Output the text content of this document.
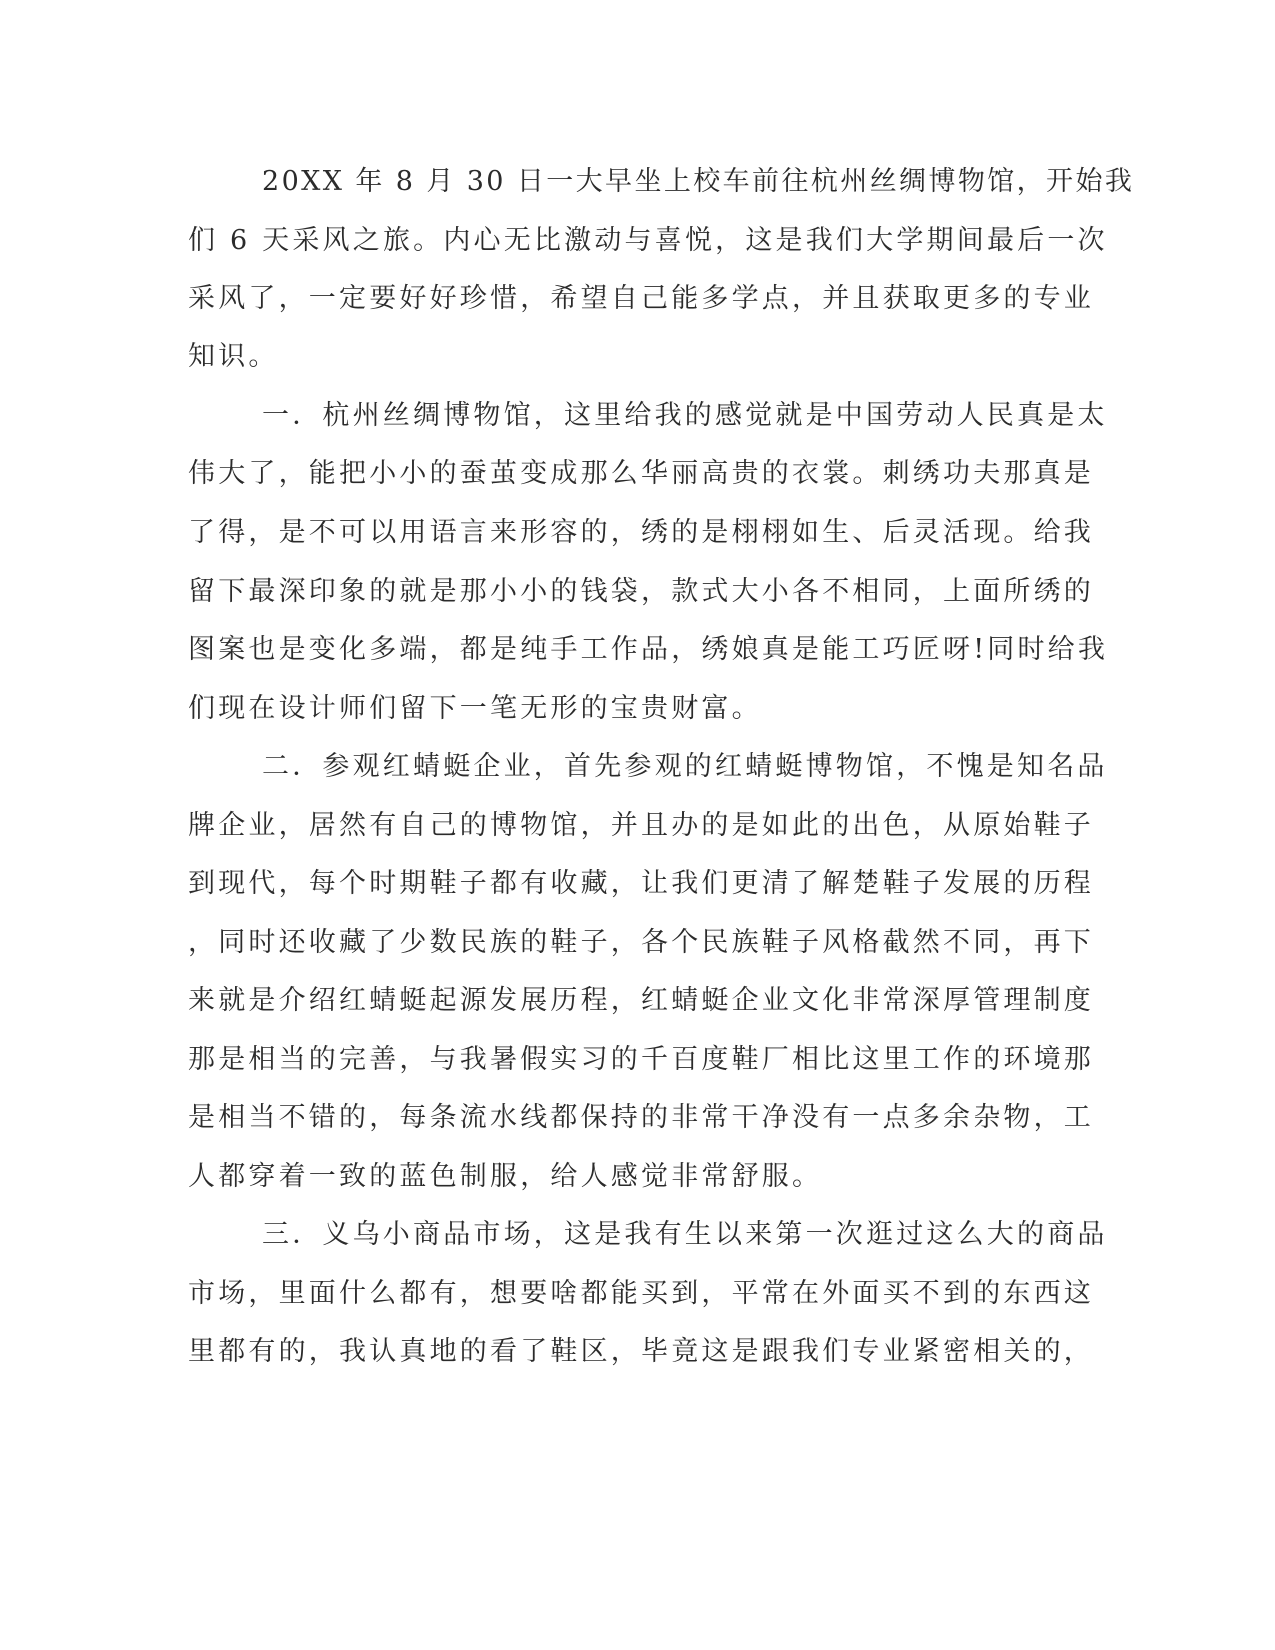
20XX 年 8 月 30 日一大早坐上校车前往杭州丝绸博物馆，开始我
们 6 天采风之旅。内心无比激动与喜悦，这是我们大学期间最后一次
采风了，一定要好好珍惜，希望自己能多学点，并且获取更多的专业
知识。
一．杭州丝绸博物馆，这里给我的感觉就是中国劳动人民真是太
伟大了，能把小小的蚕茧变成那么华丽高贵的衣裳。刺绣功夫那真是
了得，是不可以用语言来形容的，绣的是栩栩如生、后灵活现。给我
留下最深印象的就是那小小的钱袋，款式大小各不相同，上面所绣的
图案也是变化多端，都是纯手工作品，绣娘真是能工巧匠呀!同时给我
们现在设计师们留下一笔无形的宝贵财富。
二．参观红蜻蜓企业，首先参观的红蜻蜓博物馆，不愧是知名品
牌企业，居然有自己的博物馆，并且办的是如此的出色，从原始鞋子
到现代，每个时期鞋子都有收藏，让我们更清了解楚鞋子发展的历程
，同时还收藏了少数民族的鞋子，各个民族鞋子风格截然不同，再下
来就是介绍红蜻蜓起源发展历程，红蜻蜓企业文化非常深厚管理制度
那是相当的完善，与我暑假实习的千百度鞋厂相比这里工作的环境那
是相当不错的，每条流水线都保持的非常干净没有一点多余杂物，工
人都穿着一致的蓝色制服，给人感觉非常舒服。
三．义乌小商品市场，这是我有生以来第一次逛过这么大的商品
市场，里面什么都有，想要啥都能买到，平常在外面买不到的东西这
里都有的，我认真地的看了鞋区，毕竟这是跟我们专业紧密相关的，
